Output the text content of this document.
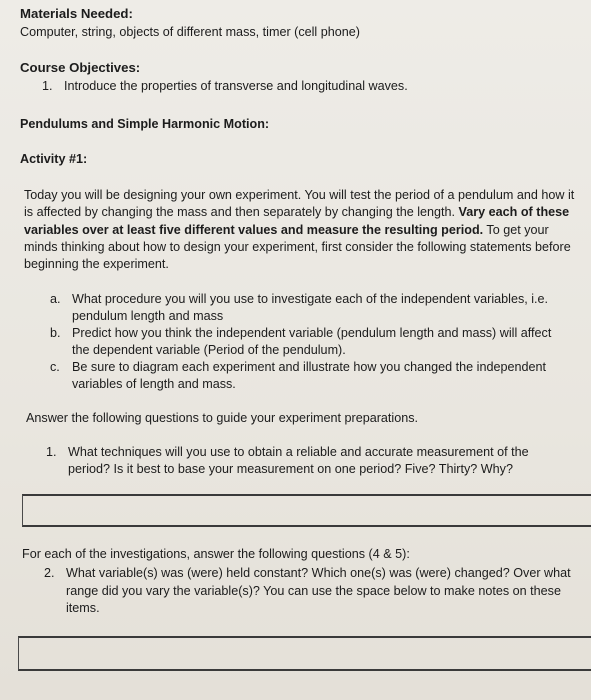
Materials Needed:
Computer, string, objects of different mass, timer (cell phone)
Course Objectives:
1. Introduce the properties of transverse and longitudinal waves.
Pendulums and Simple Harmonic Motion:
Activity #1:
Today you will be designing your own experiment. You will test the period of a pendulum and how it is affected by changing the mass and then separately by changing the length. Vary each of these variables over at least five different values and measure the resulting period. To get your minds thinking about how to design your experiment, first consider the following statements before beginning the experiment.
a. What procedure you will you use to investigate each of the independent variables, i.e. pendulum length and mass
b. Predict how you think the independent variable (pendulum length and mass) will affect the dependent variable (Period of the pendulum).
c. Be sure to diagram each experiment and illustrate how you changed the independent variables of length and mass.
Answer the following questions to guide your experiment preparations.
1. What techniques will you use to obtain a reliable and accurate measurement of the period? Is it best to base your measurement on one period? Five? Thirty? Why?
For each of the investigations, answer the following questions (4 & 5):
2. What variable(s) was (were) held constant? Which one(s) was (were) changed? Over what range did you vary the variable(s)? You can use the space below to make notes on these items.
